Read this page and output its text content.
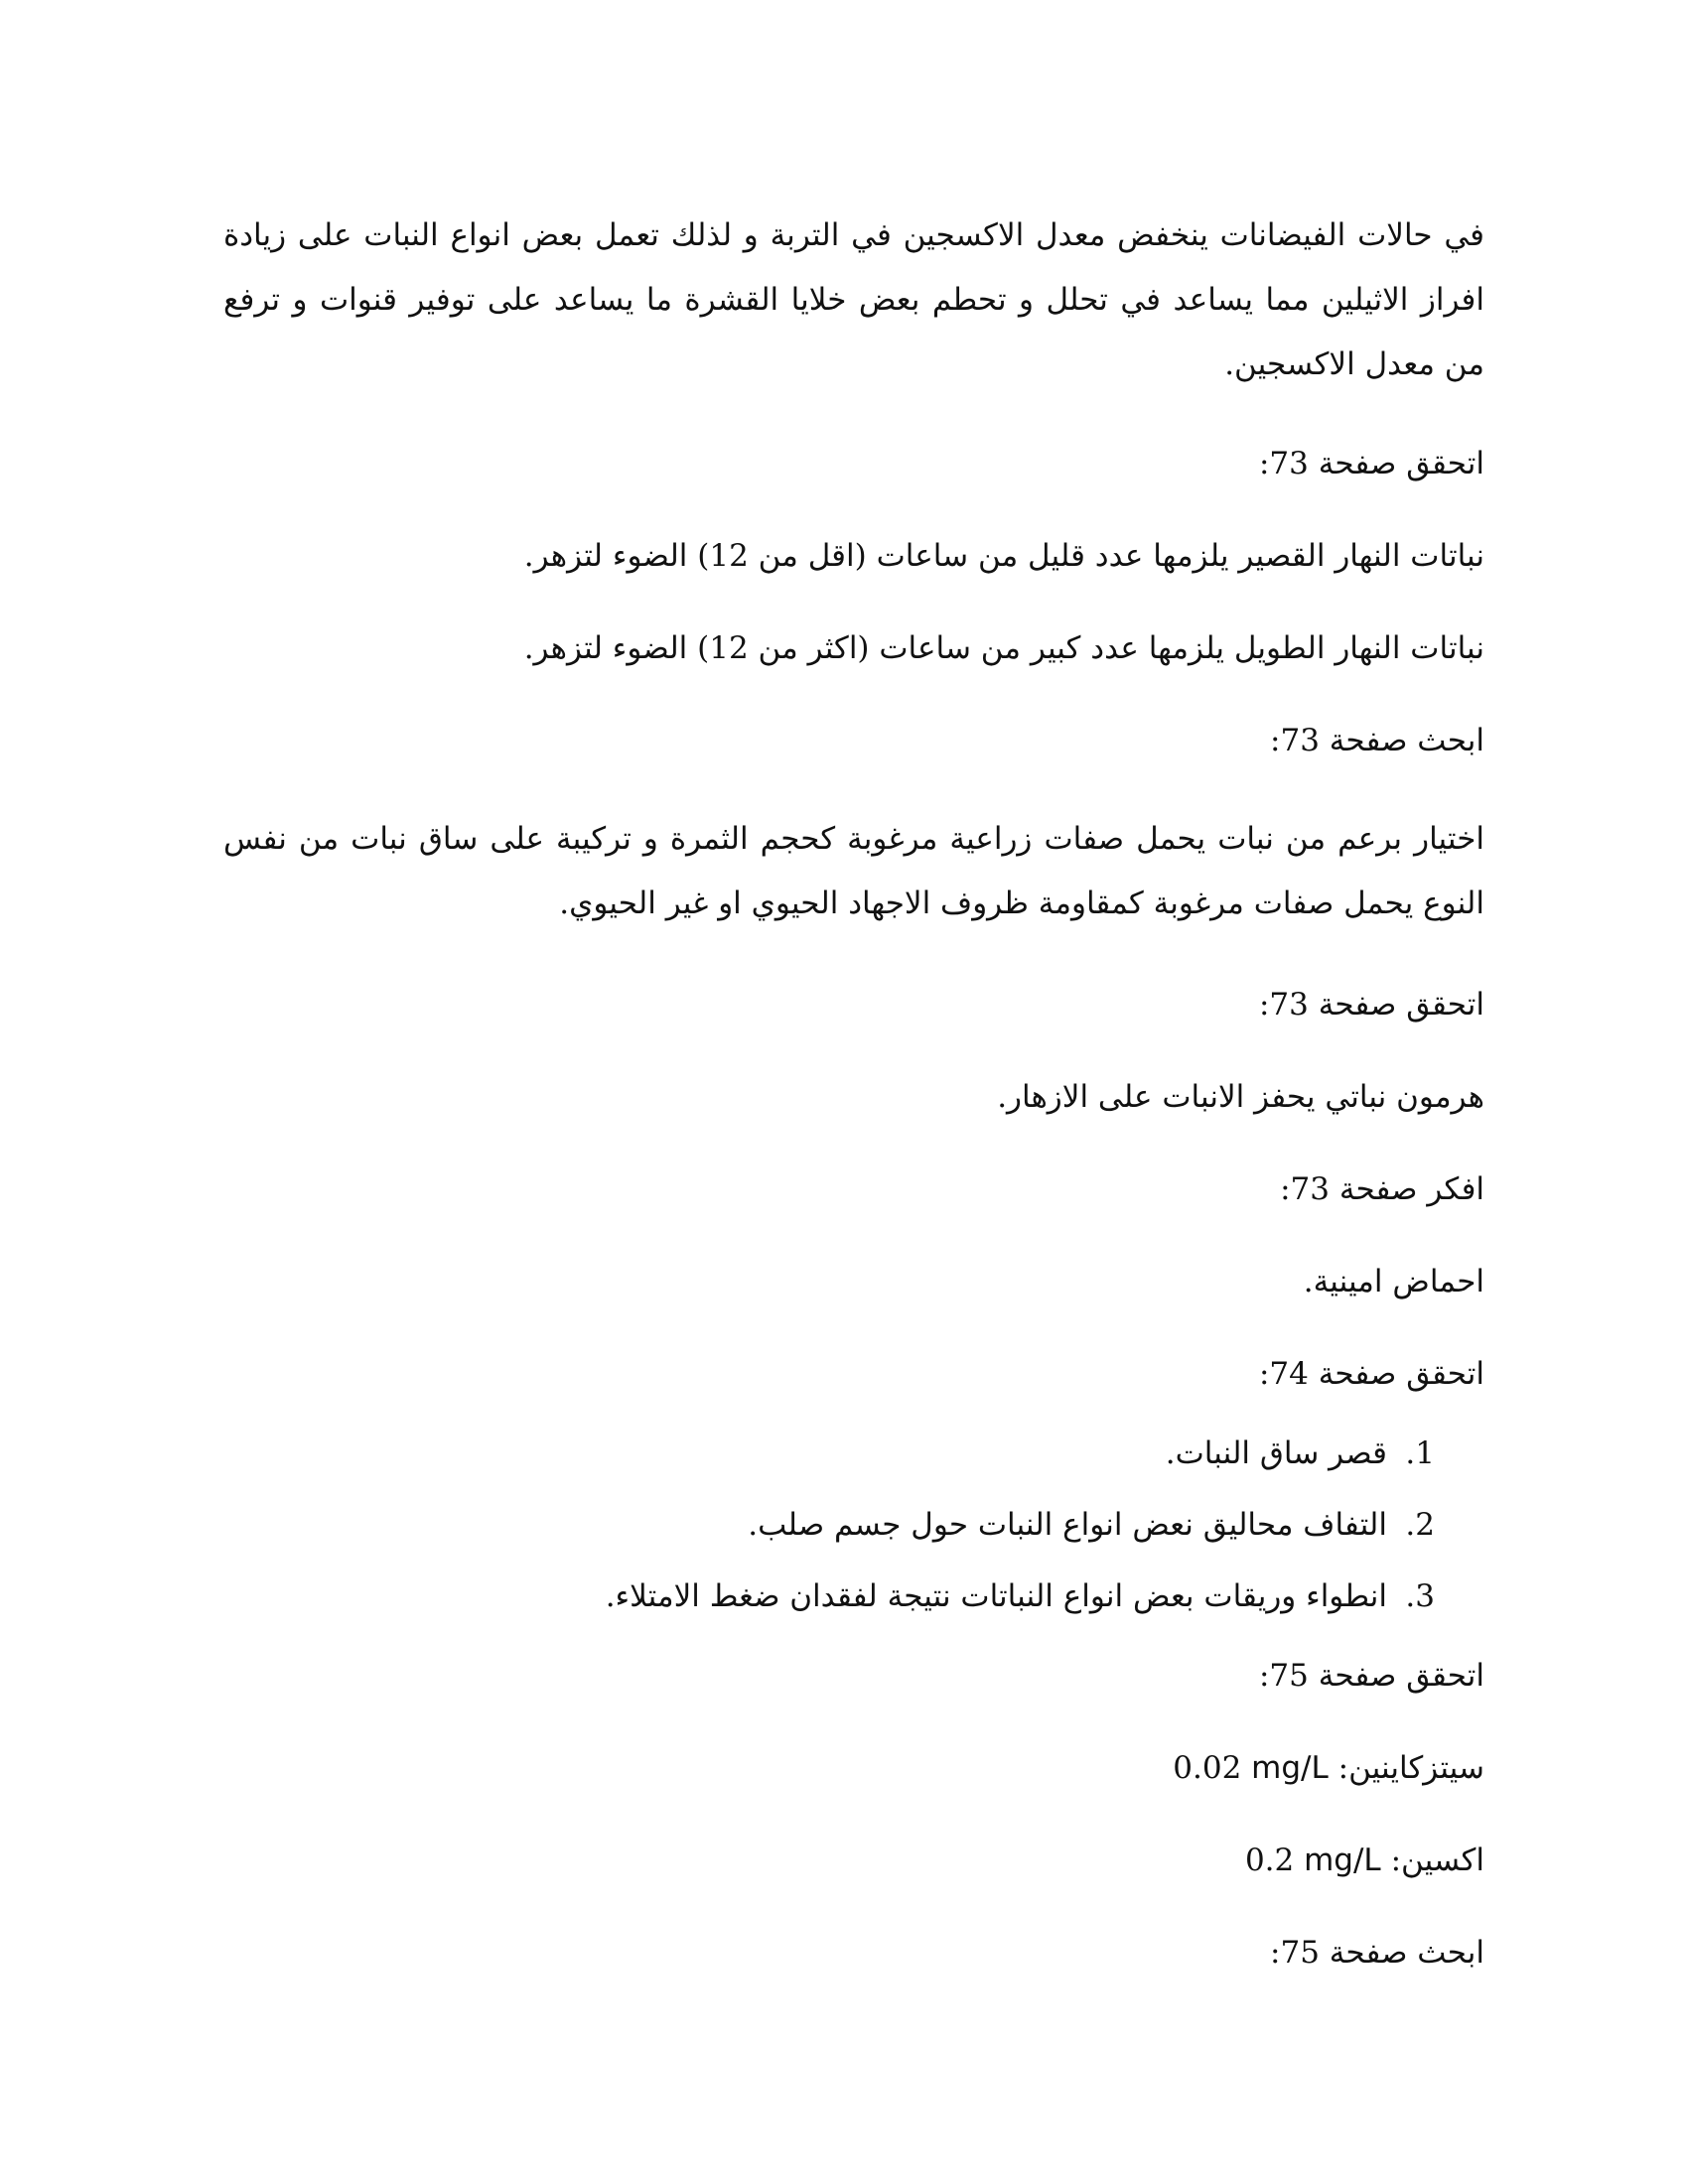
في حالات الفيضانات ينخفض معدل الاكسجين في التربة و لذلك تعمل بعض انواع النبات على زيادة افراز الاثيلين مما يساعد في تحلل و تحطم بعض خلايا القشرة ما يساعد على توفير قنوات و ترفع من معدل الاكسجين.

اتحقق صفحة 73:

نباتات النهار القصير يلزمها عدد قليل من ساعات (اقل من 12) الضوء لتزهر.

نباتات النهار الطويل يلزمها عدد كبير من ساعات (اكثر من 12) الضوء لتزهر.

ابحث صفحة 73:

اختيار برعم من نبات يحمل صفات زراعية مرغوبة كحجم الثمرة و تركيبة على ساق نبات من نفس النوع يحمل صفات مرغوبة كمقاومة ظروف الاجهاد الحيوي او غير الحيوي.

اتحقق صفحة 73:

هرمون نباتي يحفز الانبات على الازهار.

افكر صفحة 73:

احماض امينية.

اتحقق صفحة 74:

1.
قصر ساق النبات.
2.
التفاف محاليق نعض انواع النبات حول جسم صلب.
3.
انطواء وريقات بعض انواع النباتات نتيجة لفقدان ضغط الامتلاء.

اتحقق صفحة 75:

سيتزكاينين: 0.02 mg/L

اكسين: 0.2 mg/L

ابحث صفحة 75:
